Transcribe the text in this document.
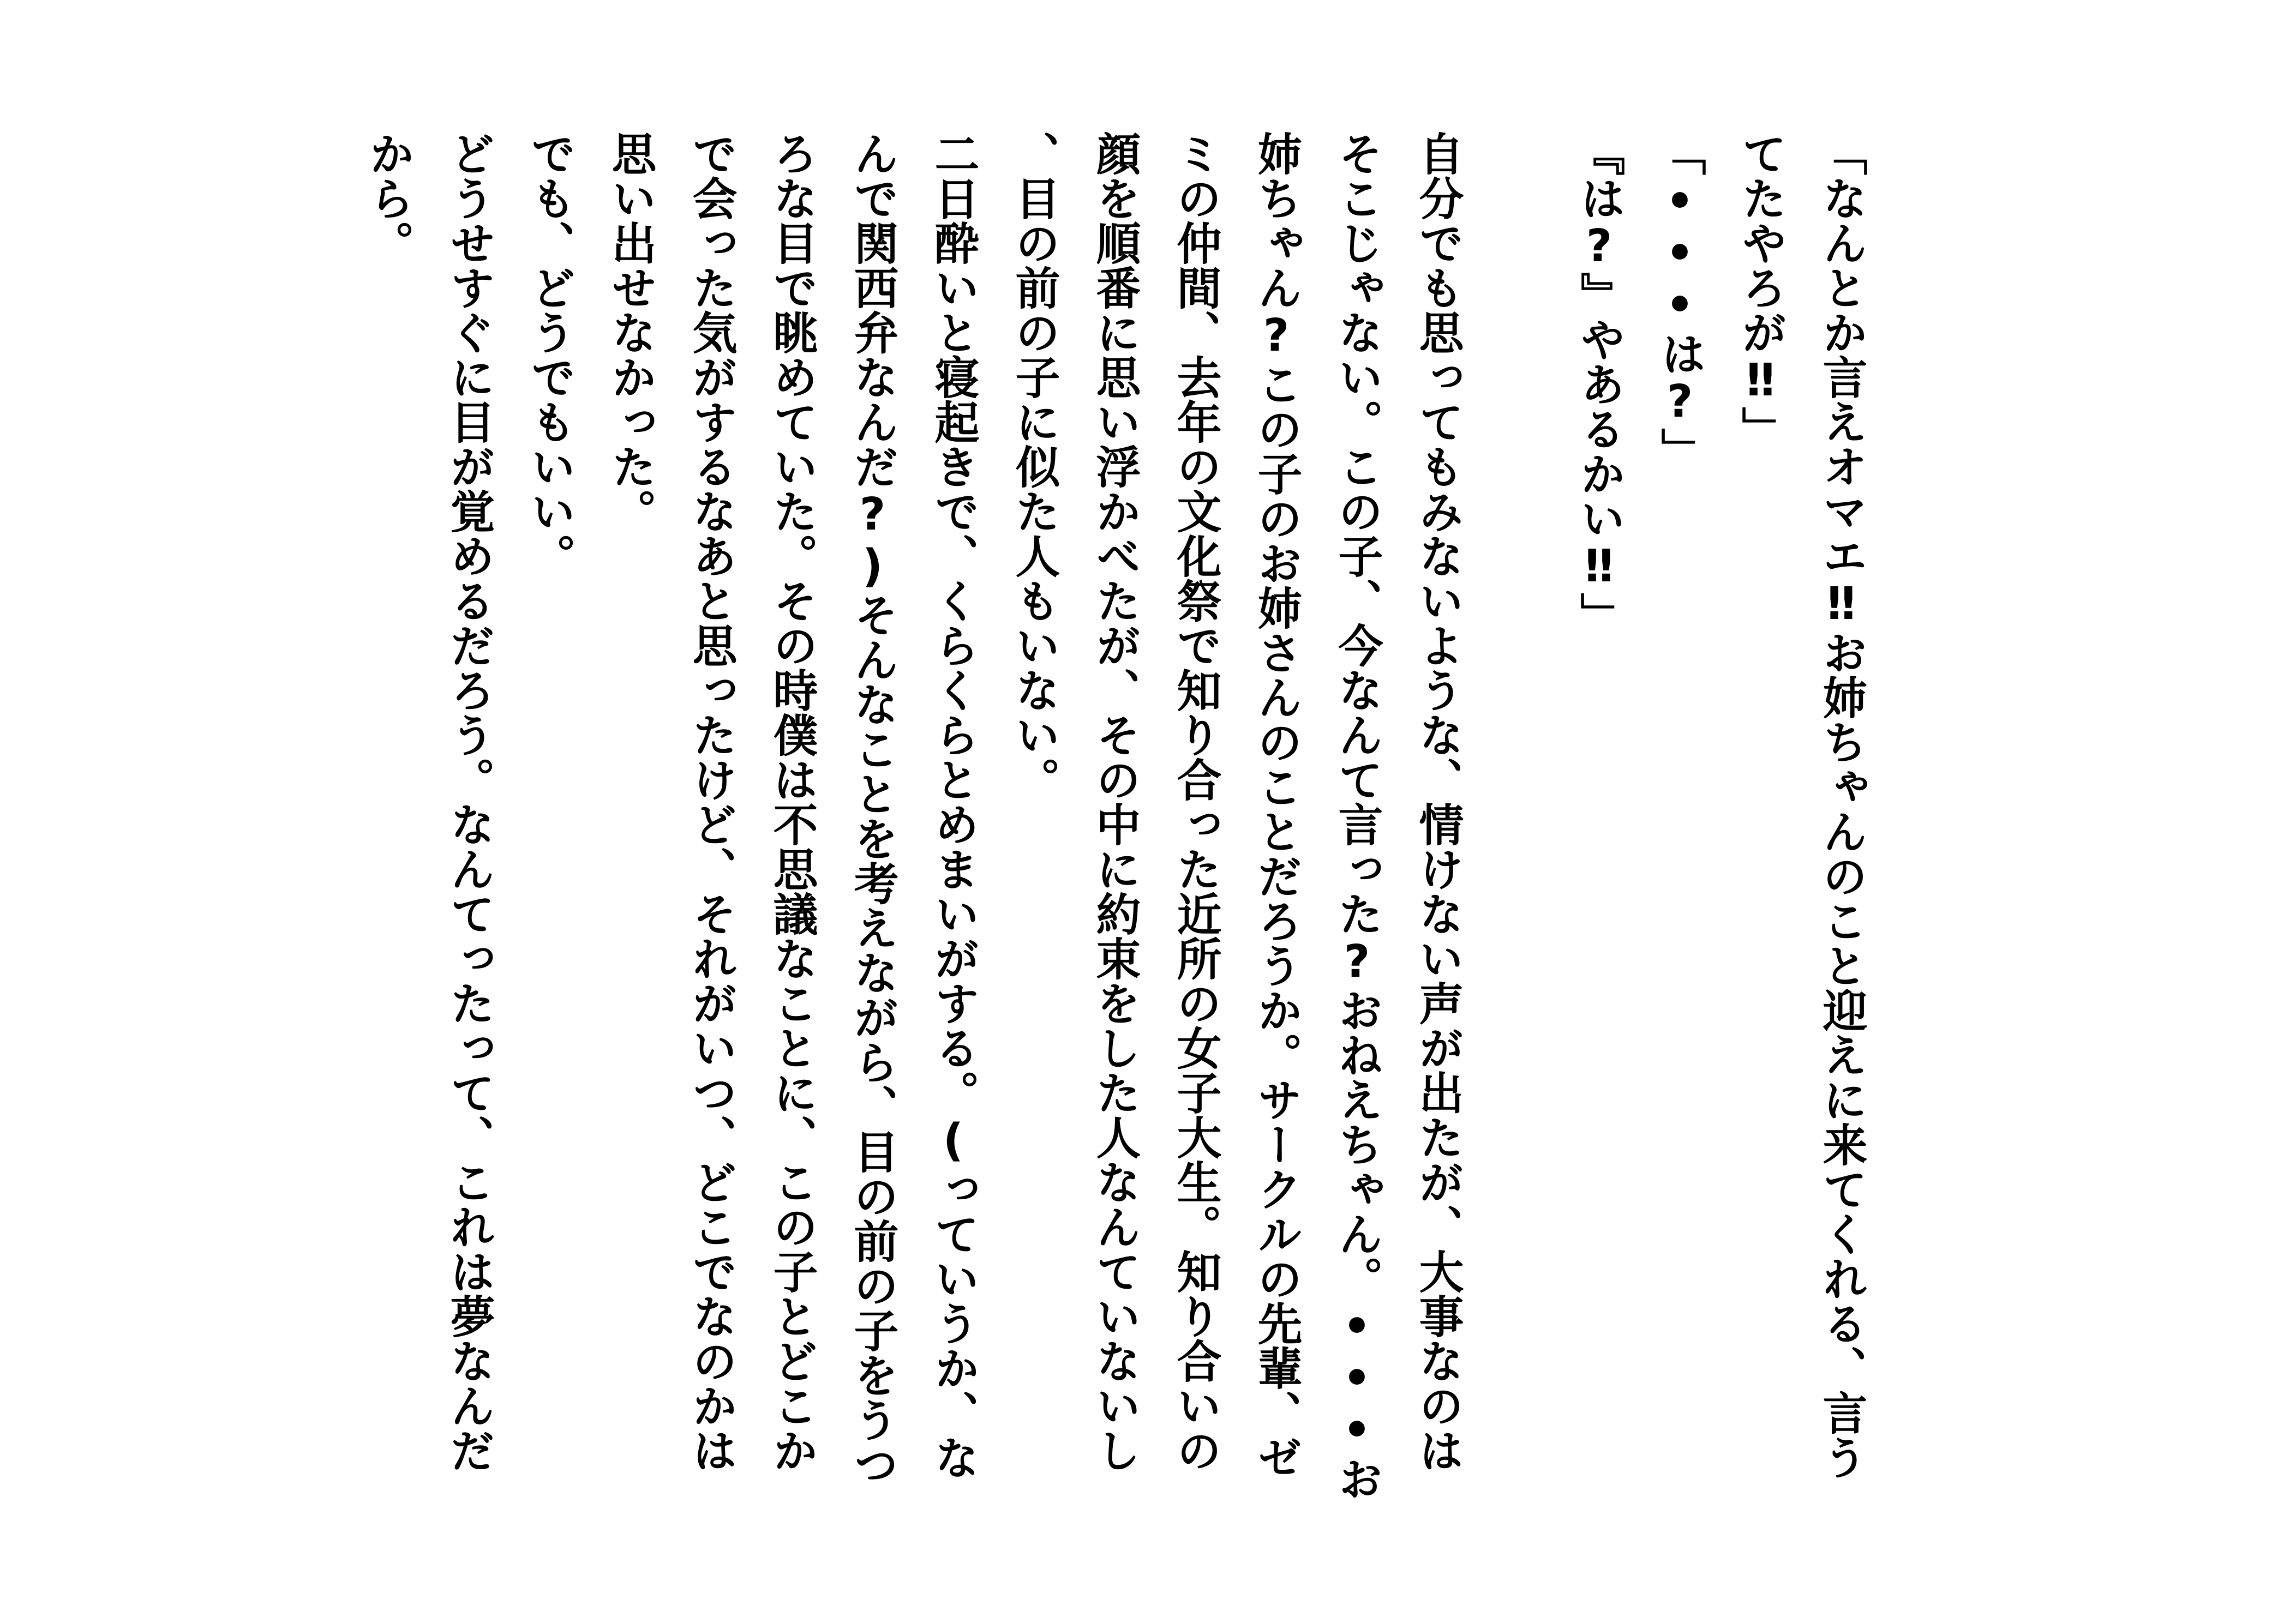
「なんとか言えオマエ‼お姉ちゃんのこと迎えに来てくれる、言うてたやろが‼」
「•••は?」
『は?』やあるかい‼」
自分でも思ってもみないような、情けない声が出たが、大事なのはそこじゃない。この子、今なんて言った?おねえちゃん。•••お姉ちゃん?この子のお姉さんのことだろうか。サークルの先輩、ゼミの仲間、去年の文化祭で知り合った近所の女子大生。知り合いの顔を順番に思い浮かべたが、その中に約束をした人なんていないし、目の前の子に似た人もいない。
二日酔いと寝起きで、くらくらとめまいがする。(っていうか、なんで関西弁なんだ?)そんなことを考えながら、目の前の子をうつろな目で眺めていた。その時僕は不思議なことに、この子とどこかで会った気がするなあと思ったけど、それがいつ、どこでなのかは思い出せなかった。
でも、どうでもいい。
どうせすぐに目が覚めるだろう。なんてったって、これは夢なんだから。
